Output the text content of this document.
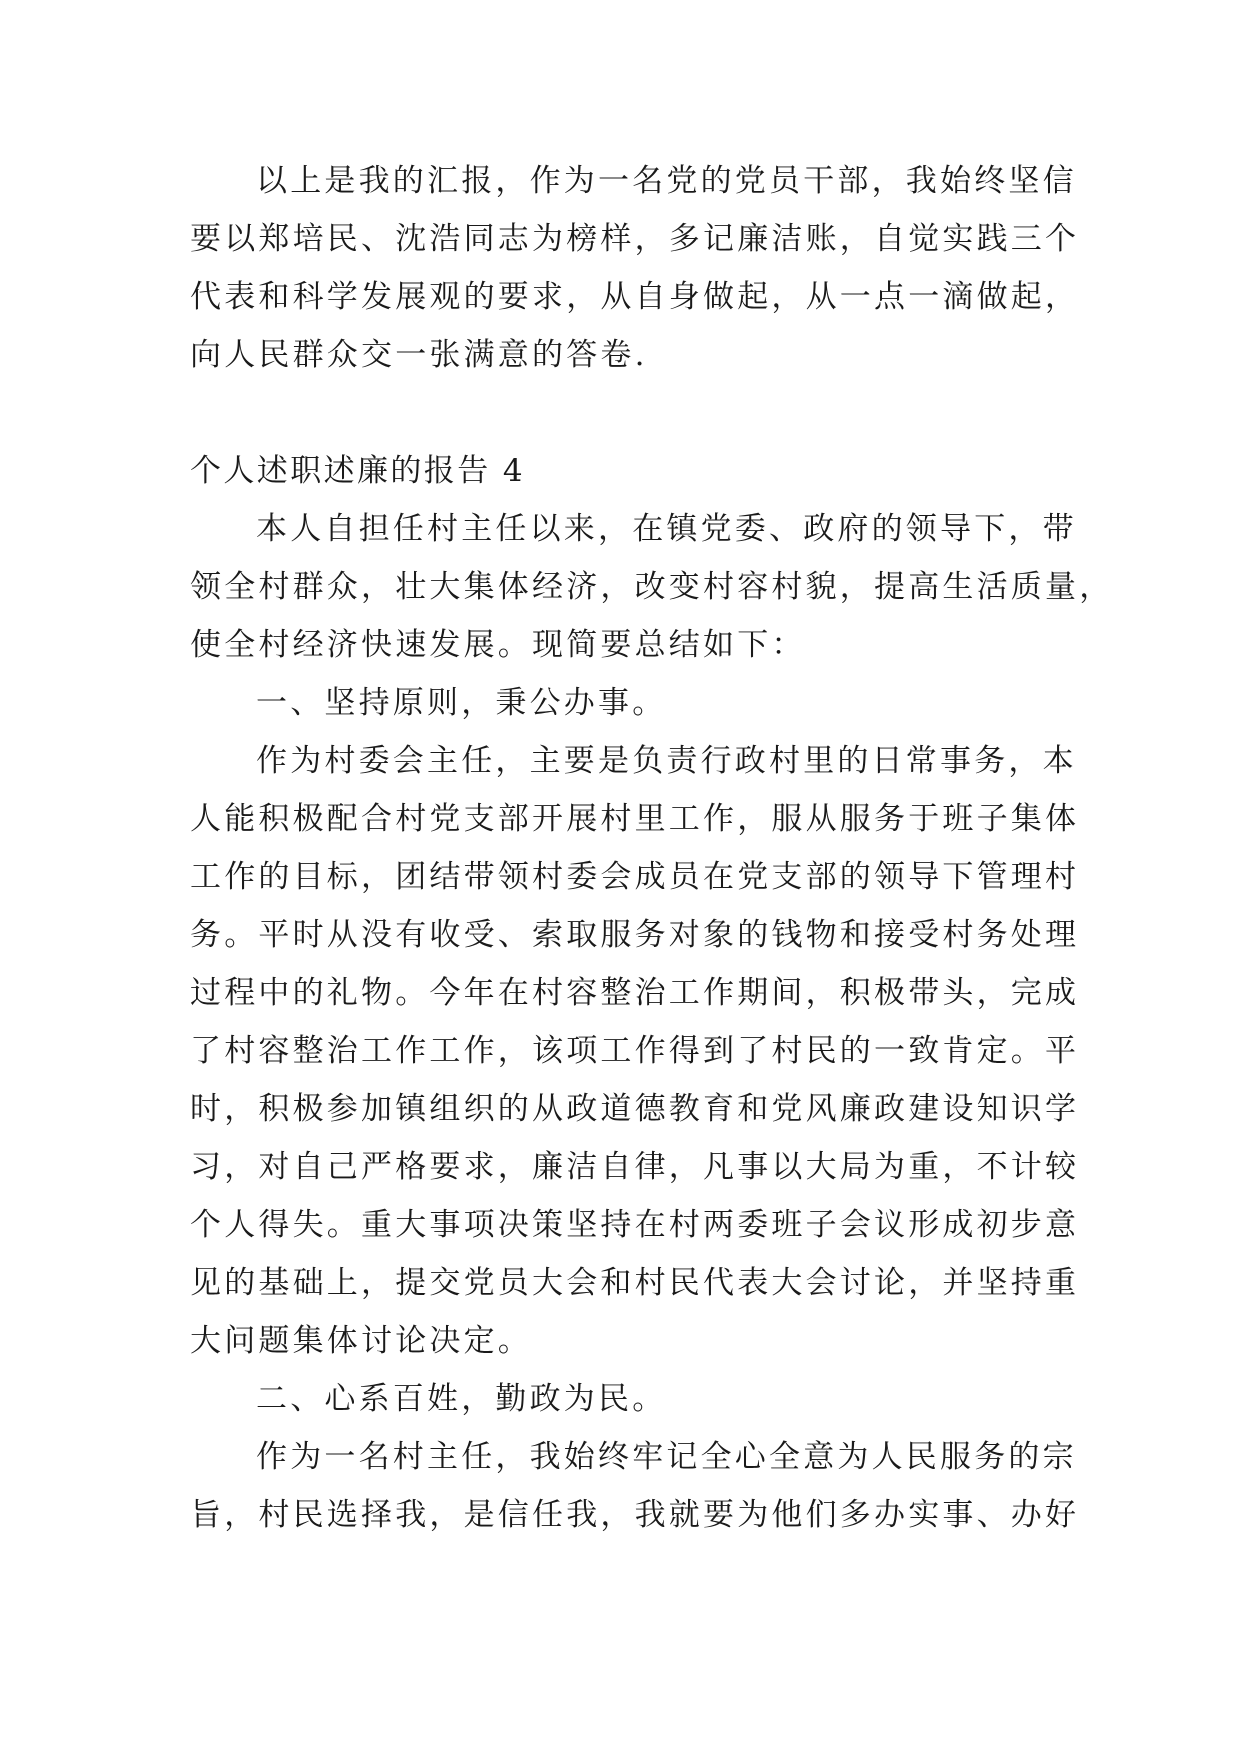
以上是我的汇报，作为一名党的党员干部，我始终坚信

要以郑培民、沈浩同志为榜样，多记廉洁账，自觉实践三个

代表和科学发展观的要求，从自身做起，从一点一滴做起，

向人民群众交一张满意的答卷.

个人述职述廉的报告 4

本人自担任村主任以来，在镇党委、政府的领导下，带

领全村群众，壮大集体经济，改变村容村貌，提高生活质量，

使全村经济快速发展。现简要总结如下：

一、坚持原则，秉公办事。

作为村委会主任，主要是负责行政村里的日常事务，本

人能积极配合村党支部开展村里工作，服从服务于班子集体

工作的目标，团结带领村委会成员在党支部的领导下管理村

务。平时从没有收受、索取服务对象的钱物和接受村务处理

过程中的礼物。今年在村容整治工作期间，积极带头，完成

了村容整治工作工作，该项工作得到了村民的一致肯定。平

时，积极参加镇组织的从政道德教育和党风廉政建设知识学

习，对自己严格要求，廉洁自律，凡事以大局为重，不计较

个人得失。重大事项决策坚持在村两委班子会议形成初步意

见的基础上，提交党员大会和村民代表大会讨论，并坚持重

大问题集体讨论决定。

二、心系百姓，勤政为民。

作为一名村主任，我始终牢记全心全意为人民服务的宗

旨，村民选择我，是信任我，我就要为他们多办实事、办好
